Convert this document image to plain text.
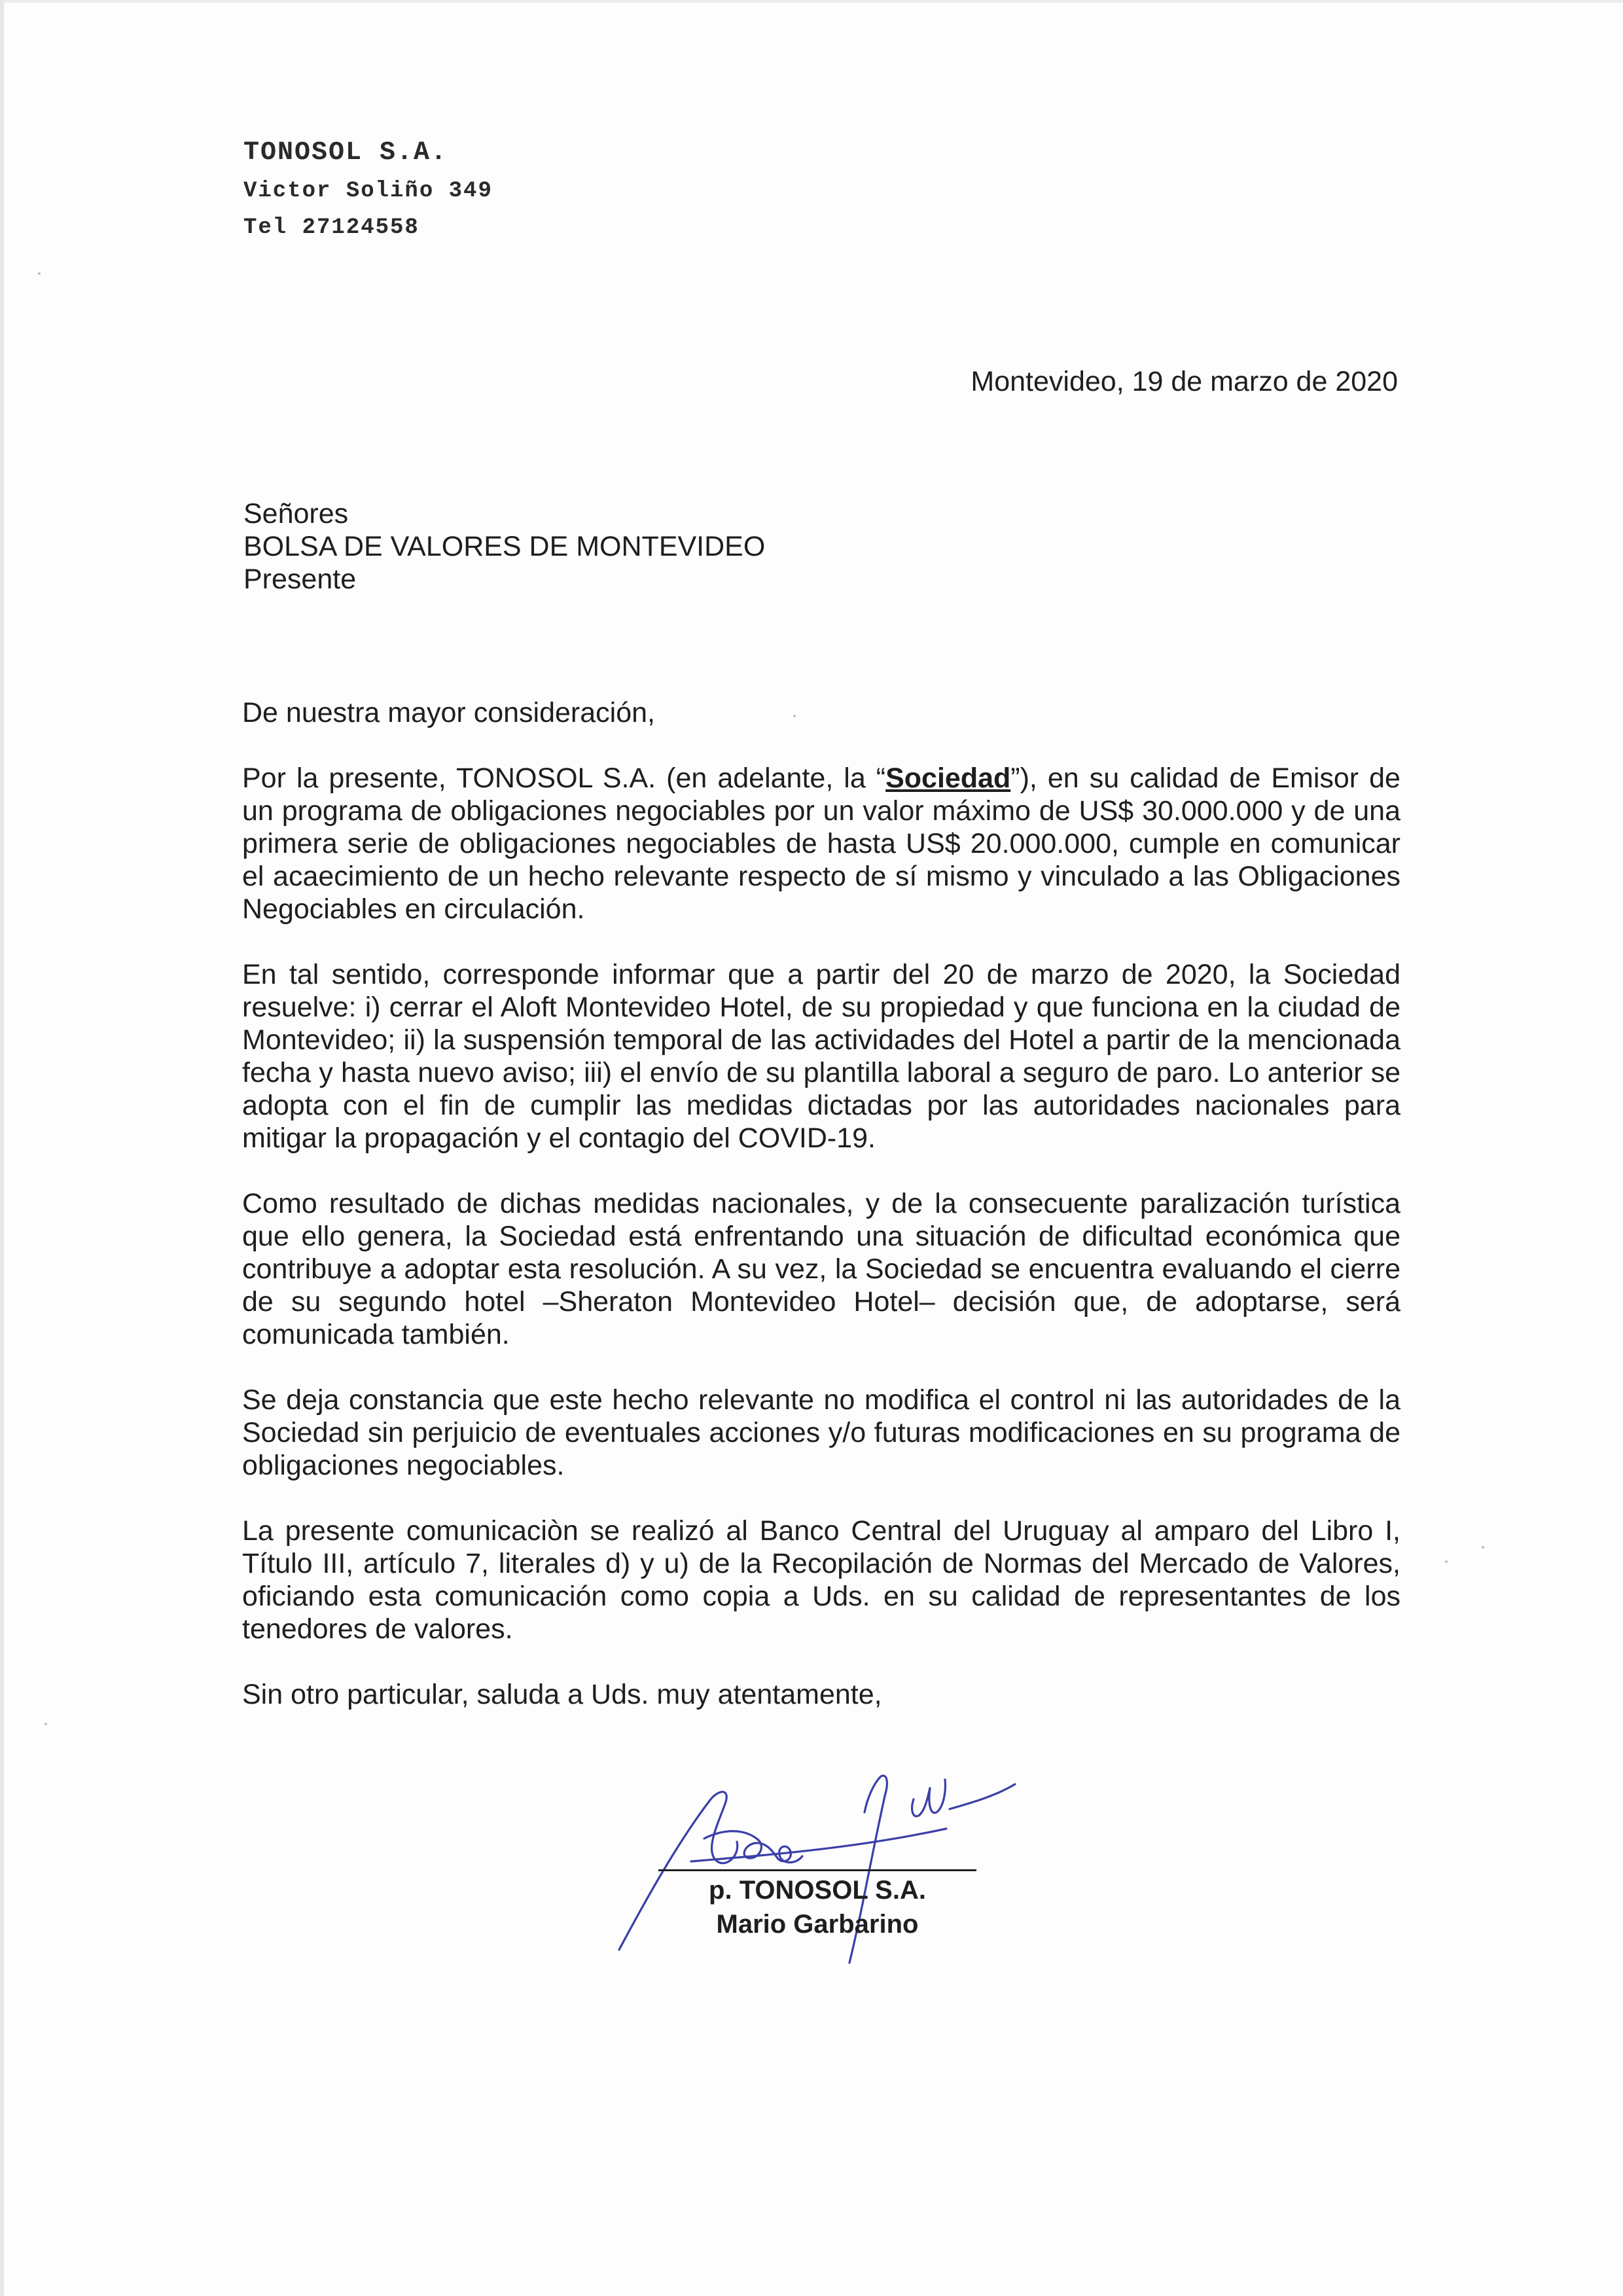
TONOSOL S.A.
Victor Soliño 349
Tel 27124558
Montevideo, 19 de marzo de 2020
Señores
BOLSA DE VALORES DE MONTEVIDEO
Presente

De nuestra mayor consideración,

Por la presente, TONOSOL S.A. (en adelante, la “Sociedad”), en su calidad de Emisor de un programa de obligaciones negociables por un valor máximo de US$ 30.000.000 y de una primera serie de obligaciones negociables de hasta US$ 20.000.000, cumple en comunicar el acaecimiento de un hecho relevante respecto de sí mismo y vinculado a las Obligaciones Negociables en circulación.

En tal sentido, corresponde informar que a partir del 20 de marzo de 2020, la Sociedad resuelve: i) cerrar el Aloft Montevideo Hotel, de su propiedad y que funciona en la ciudad de Montevideo; ii) la suspensión temporal de las actividades del Hotel a partir de la mencionada fecha y hasta nuevo aviso; iii) el envío de su plantilla laboral a seguro de paro. Lo anterior se adopta con el fin de cumplir las medidas dictadas por las autoridades nacionales para mitigar la propagación y el contagio del COVID-19.

Como resultado de dichas medidas nacionales, y de la consecuente paralización turística que ello genera, la Sociedad está enfrentando una situación de dificultad económica que contribuye a adoptar esta resolución. A su vez, la Sociedad se encuentra evaluando el cierre de su segundo hotel –Sheraton Montevideo Hotel– decisión que, de adoptarse, será comunicada también.

Se deja constancia que este hecho relevante no modifica el control ni las autoridades de la Sociedad sin perjuicio de eventuales acciones y/o futuras modificaciones en su programa de obligaciones negociables.

La presente comunicaciòn se realizó al Banco Central del Uruguay al amparo del Libro I, Título III, artículo 7, literales d) y u) de la Recopilación de Normas del Mercado de Valores, oficiando esta comunicación como copia a Uds. en su calidad de representantes de los tenedores de valores.

Sin otro particular, saluda a Uds. muy atentamente,

p. TONOSOL S.A.
Mario Garbarino
